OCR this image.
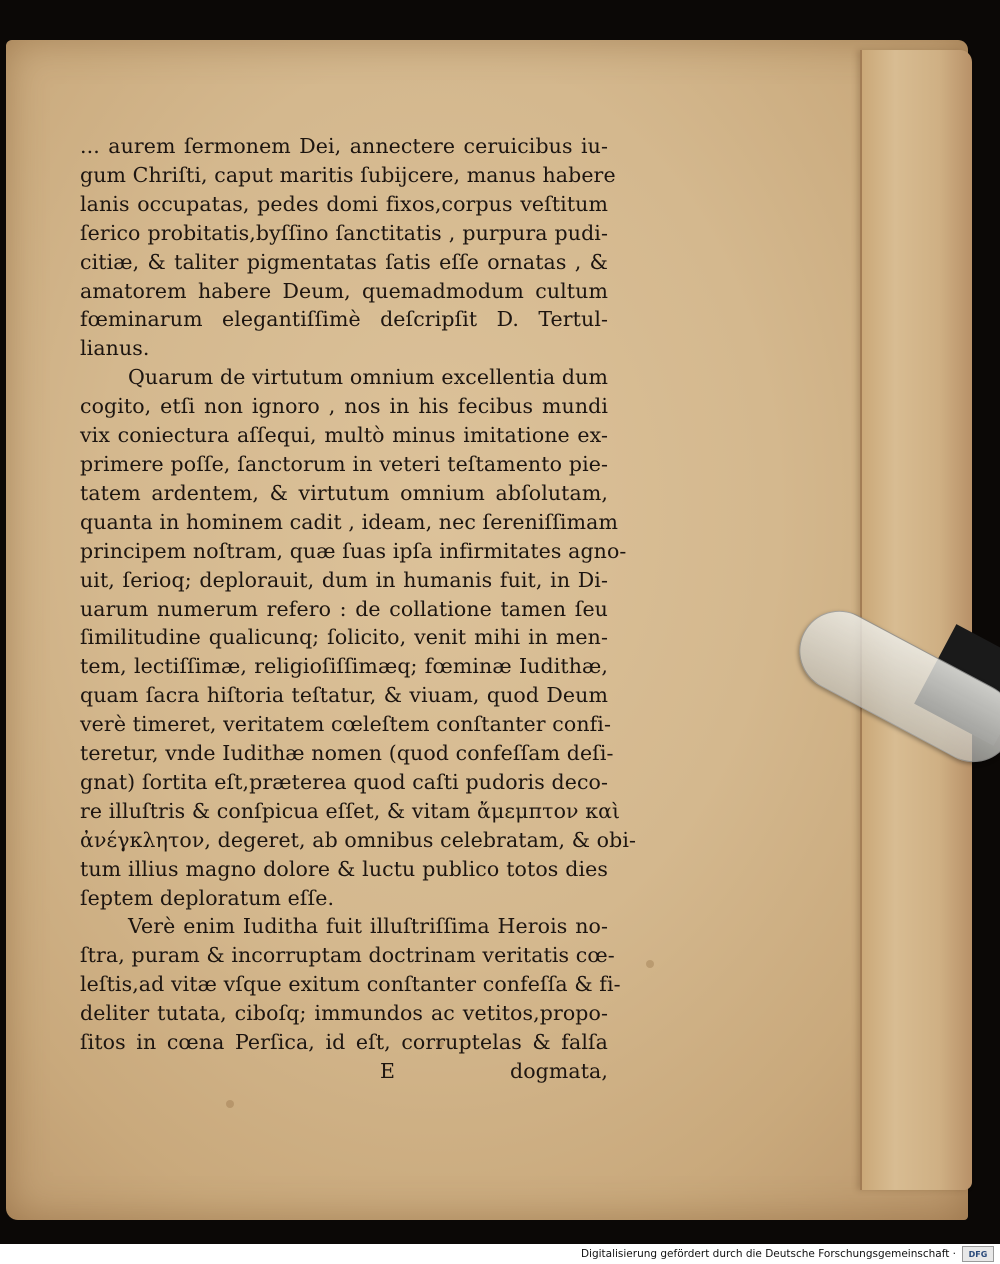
... aurem ſermonem Dei, annectere ceruicibus iu-
gum Chriſti, caput maritis ſubijcere, manus habere
lanis occupatas, pedes domi fixos,corpus veſtitum
ſerico probitatis,byſſino ſanctitatis , purpura pudi-
citiæ, & taliter pigmentatas ſatis eſſe ornatas , &
amatorem habere Deum, quemadmodum cultum
fœminarum elegantiſſimè deſcripſit D. Tertul-
lianus.
Quarum de virtutum omnium excellentia dum
cogito, etſi non ignoro , nos in his fecibus mundi
vix coniectura aſſequi, multò minus imitatione ex-
primere poſſe, ſanctorum in veteri teſtamento pie-
tatem ardentem, & virtutum omnium abſolutam,
quanta in hominem cadit , ideam, nec ſereniſſimam
principem noſtram, quæ ſuas ipſa infirmitates agno-
uit, ſerioq; deplorauit, dum in humanis fuit, in Di-
uarum numerum refero : de collatione tamen ſeu
ſimilitudine qualicunq; ſolicito, venit mihi in men-
tem, lectiſſimæ, religioſiſſimæq; fœminæ Iudithæ,
quam ſacra hiſtoria teſtatur, & viuam, quod Deum
verè timeret, veritatem cœleſtem conſtanter confi-
teretur, vnde Iudithæ nomen (quod confeſſam deſi-
gnat) ſortita eſt,præterea quod caſti pudoris deco-
re illuſtris & conſpicua eſſet, & vitam ἄμεμπτον καὶ
ἀνέγκλητον, degeret, ab omnibus celebratam, & obi-
tum illius magno dolore & luctu publico totos dies
ſeptem deploratum eſſe.
Verè enim Iuditha fuit illuſtriſſima Herois no-
ſtra, puram & incorruptam doctrinam veritatis cœ-
leſtis,ad vitæ vſque exitum conſtanter confeſſa & fi-
deliter tutata, ciboſq; immundos ac vetitos,propo-
ſitos in cœna Perſica, id eſt, corruptelas & falſa
E	dogmata,
Digitalisierung gefördert durch die Deutsche Forschungsgemeinschaft ·	DFG
